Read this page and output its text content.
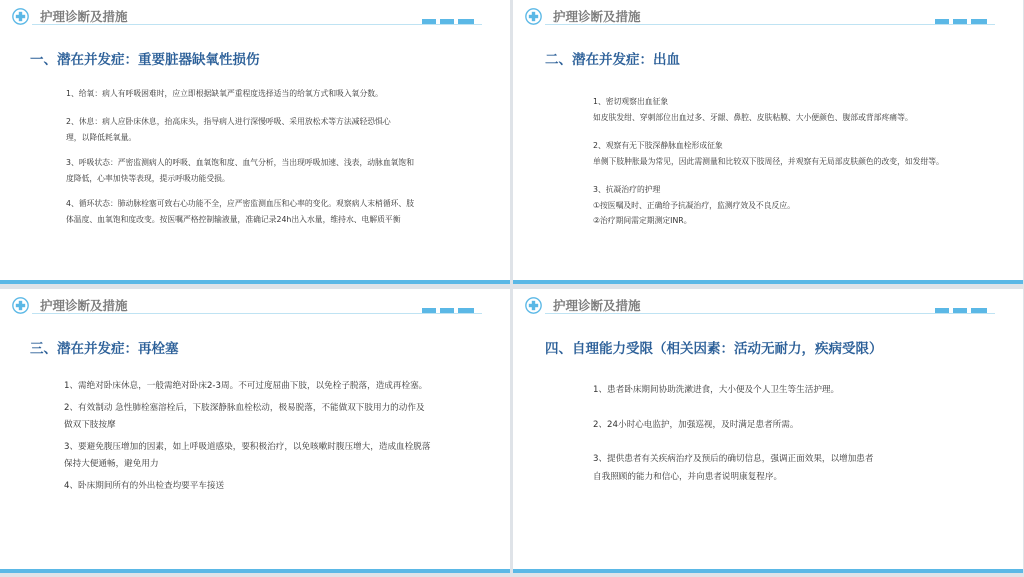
护理诊断及措施
一、潜在并发症：重要脏器缺氧性损伤
1、给氧：病人有呼吸困难时，应立即根据缺氧严重程度选择适当的给氧方式和吸入氧分数。
2、休息：病人应卧床休息，抬高床头，指导病人进行深慢呼吸、采用放松术等方法减轻恐惧心
理，以降低耗氧量。
3、呼吸状态：严密监测病人的呼吸、血氧饱和度、血气分析，当出现呼吸加速、浅表，动脉血氧饱和
度降低，心率加快等表现，提示呼吸功能受损。
4、循环状态：肺动脉栓塞可致右心功能不全，应严密监测血压和心率的变化。观察病人末梢循环、肢
体温度、血氧饱和度改变。按医嘱严格控制输液量，准确记录24h出入水量，维持水、电解质平衡
护理诊断及措施
二、潜在并发症：出血
1、密切观察出血征象
如皮肤发绀、穿刺部位出血过多、牙龈、鼻腔、皮肤粘膜、大小便颜色、腹部或背部疼痛等。
2、观察有无下肢深静脉血栓形成征象
单侧下肢肿胀最为常见，因此需测量和比较双下肢周径，并观察有无局部皮肤颜色的改变，如发绀等。
3、抗凝治疗的护理
①按医嘱及时、正确给予抗凝治疗，监测疗效及不良反应。
②治疗期间需定期测定INR。
护理诊断及措施
三、潜在并发症：再栓塞
1、需绝对卧床休息，一般需绝对卧床2-3周。不可过度屈曲下肢，以免栓子脱落，造成再栓塞。
2、有效制动 急性肺栓塞溶栓后，下肢深静脉血栓松动，极易脱落，不能做双下肢用力的动作及
做双下肢按摩
3、要避免腹压增加的因素，如上呼吸道感染，要积极治疗，以免咳嗽时腹压增大，造成血栓脱落
保持大便通畅，避免用力
4、卧床期间所有的外出检查均要平车接送
护理诊断及措施
四、自理能力受限（相关因素：活动无耐力，疾病受限）
1、患者卧床期间协助洗漱进食，大小便及个人卫生等生活护理。
2、24小时心电监护，加强巡视，及时满足患者所需。
3、提供患者有关疾病治疗及预后的确切信息，强调正面效果，以增加患者
自我照顾的能力和信心，并向患者说明康复程序。
